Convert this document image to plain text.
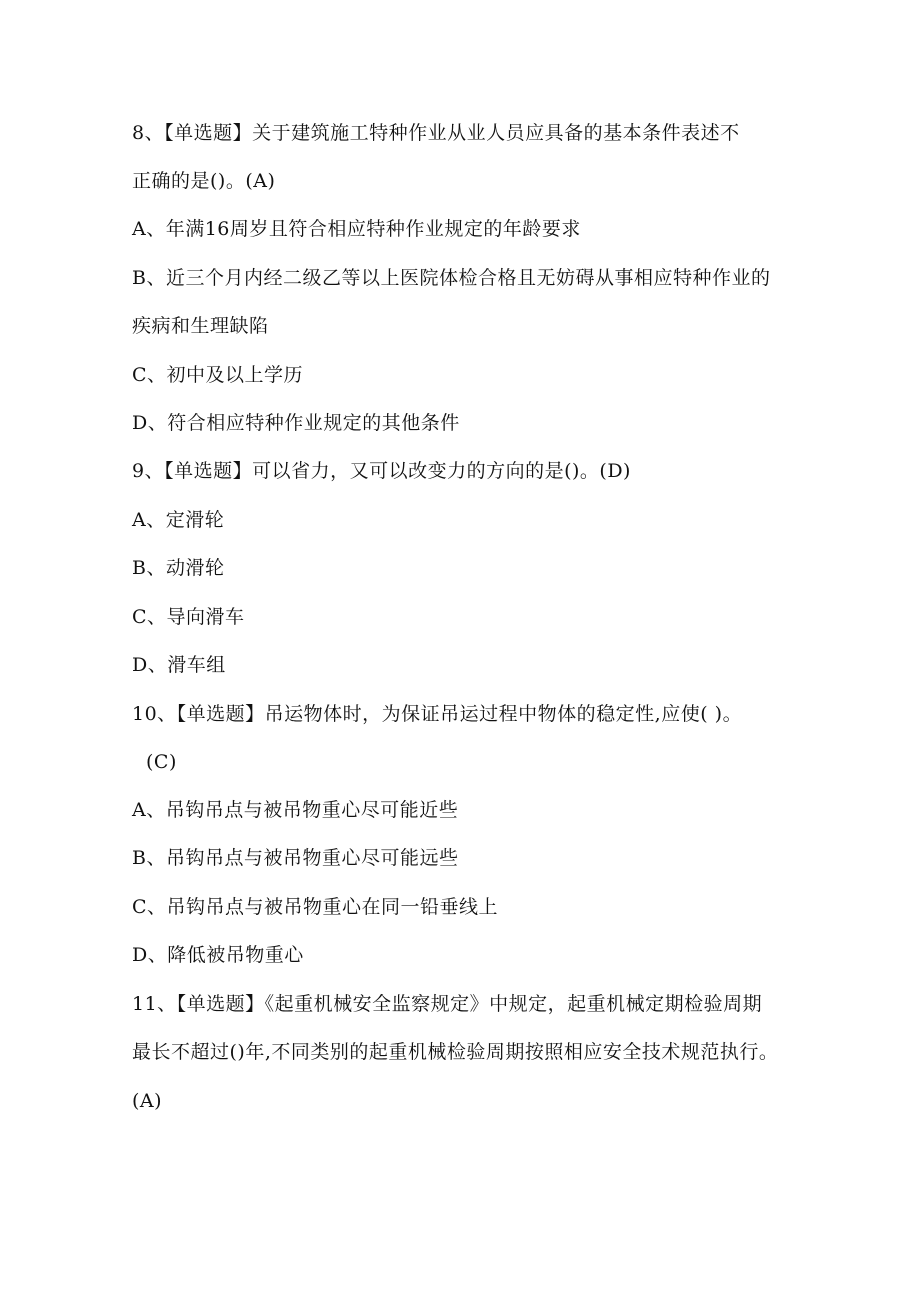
8、【单选题】关于建筑施工特种作业从业人员应具备的基本条件表述不
正确的是()。(A)
A、年满16周岁且符合相应特种作业规定的年龄要求
B、近三个月内经二级乙等以上医院体检合格且无妨碍从事相应特种作业的
疾病和生理缺陷
C、初中及以上学历
D、符合相应特种作业规定的其他条件
9、【单选题】可以省力，又可以改变力的方向的是()。(D)
A、定滑轮
B、动滑轮
C、导向滑车
D、滑车组
10、【单选题】吊运物体时，为保证吊运过程中物体的稳定性,应使( )。
(C)
A、吊钩吊点与被吊物重心尽可能近些
B、吊钩吊点与被吊物重心尽可能远些
C、吊钩吊点与被吊物重心在同一铅垂线上
D、降低被吊物重心
11、【单选题】《起重机械安全监察规定》中规定，起重机械定期检验周期
最长不超过()年,不同类别的起重机械检验周期按照相应安全技术规范执行。
(A)
